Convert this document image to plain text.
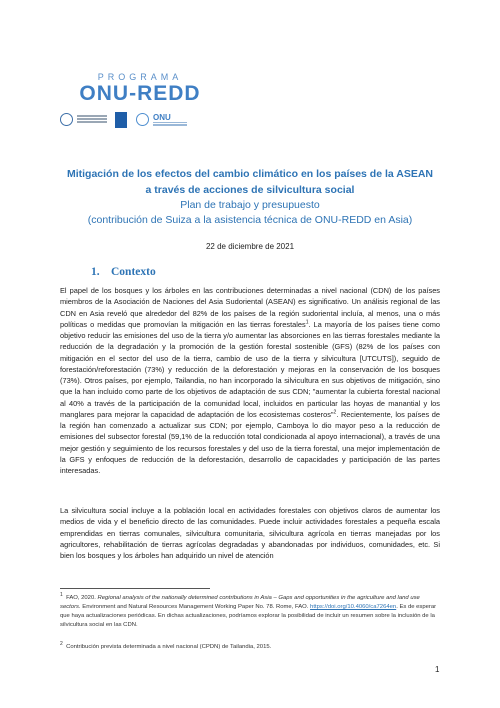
PROGRAMA
ONU-REDD
ONU
Mitigación de los efectos del cambio climático en los países de la ASEAN
a través de acciones de silvicultura social
Plan de trabajo y presupuesto
(contribución de Suiza a la asistencia técnica de ONU-REDD en Asia)
22 de diciembre de 2021
1. Contexto
El papel de los bosques y los árboles en las contribuciones determinadas a nivel nacional (CDN) de los países miembros de la Asociación de Naciones del Asia Sudoriental (ASEAN) es significativo. Un análisis regional de las CDN en Asia reveló que alrededor del 82% de los países de la región sudoriental incluía, al menos, una o más políticas o medidas que promovían la mitigación en las tierras forestales$^1$. La mayoría de los países tiene como objetivo reducir las emisiones del uso de la tierra y/o aumentar las absorciones en las tierras forestales mediante la reducción de la degradación y la promoción de la gestión forestal sostenible (GFS) (82% de los países con mitigación en el sector del uso de la tierra, cambio de uso de la tierra y silvicultura [UTCUTS]), seguido de forestación/reforestación (73%) y reducción de la deforestación y mejoras en la conservación de los bosques (73%). Otros países, por ejemplo, Tailandia, no han incorporado la silvicultura en sus objetivos de mitigación, sino que la han incluido como parte de los objetivos de adaptación de sus CDN; "aumentar la cubierta forestal nacional al 40% a través de la participación de la comunidad local, incluidos en particular las hoyas de manantial y los manglares para mejorar la capacidad de adaptación de los ecosistemas costeros"$^2$. Recientemente, los países de la región han comenzado a actualizar sus CDN; por ejemplo, Camboya lo dio mayor peso a la reducción de emisiones del subsector forestal (59,1% de la reducción total condicionada al apoyo internacional), a través de una mejor gestión y seguimiento de los recursos forestales y del uso de la tierra forestal, una mejor implementación de la GFS y enfoques de reducción de la deforestación, desarrollo de capacidades y participación de las partes interesadas.
La silvicultura social incluye a la población local en actividades forestales con objetivos claros de aumentar los medios de vida y el beneficio directo de las comunidades. Puede incluir actividades forestales a pequeña escala emprendidas en tierras comunales, silvicultura comunitaria, silvicultura agrícola en tierras manejadas por los agricultores, rehabilitación de tierras agrícolas degradadas y abandonadas por individuos, comunidades, etc. Si bien los bosques y los árboles han adquirido un nivel de atención
$^1$ FAO, 2020. Regional analysis of the nationally determined contributions in Asia – Gaps and opportunities in the agriculture and land use sectors. Environment and Natural Resources Management Working Paper No. 78. Rome, FAO. https://doi.org/10.4060/ca7264en. Es de esperar que haya actualizaciones periódicas. En dichas actualizaciones, podríamos explorar la posibilidad de incluir un resumen sobre la inclusión de la silvicultura social en las CDN.
$^2$ Contribución prevista determinada a nivel nacional (CPDN) de Tailandia, 2015.
1
